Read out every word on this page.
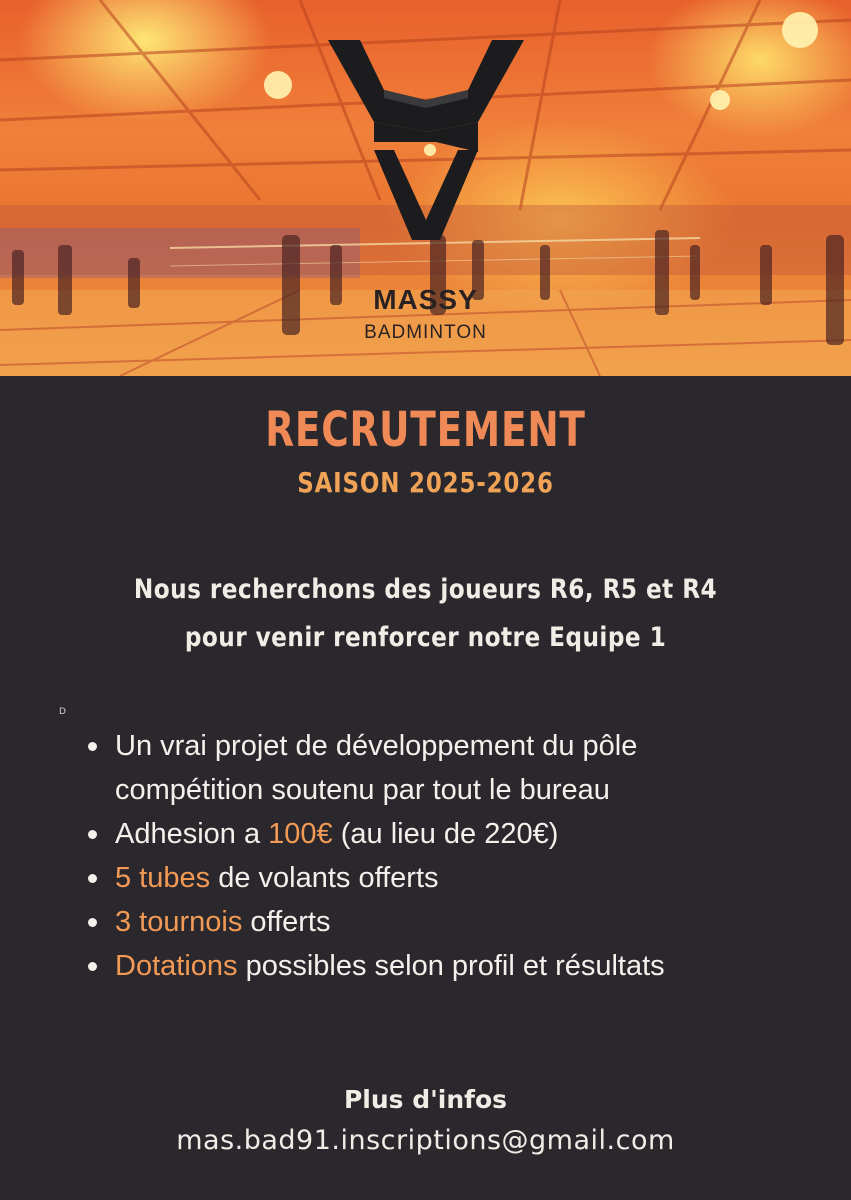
MASSY
BADMINTON
RECRUTEMENT
SAISON 2025-2026
Nous recherchons des joueurs R6, R5 et R4
pour venir renforcer notre Equipe 1
D
Un vrai projet de développement du pôle
compétition soutenu par tout le bureau
Adhesion a 100€ (au lieu de 220€)
5 tubes de volants offerts
3 tournois offerts
Dotations possibles selon profil et résultats
Plus d'infos
mas.bad91.inscriptions@gmail.com
